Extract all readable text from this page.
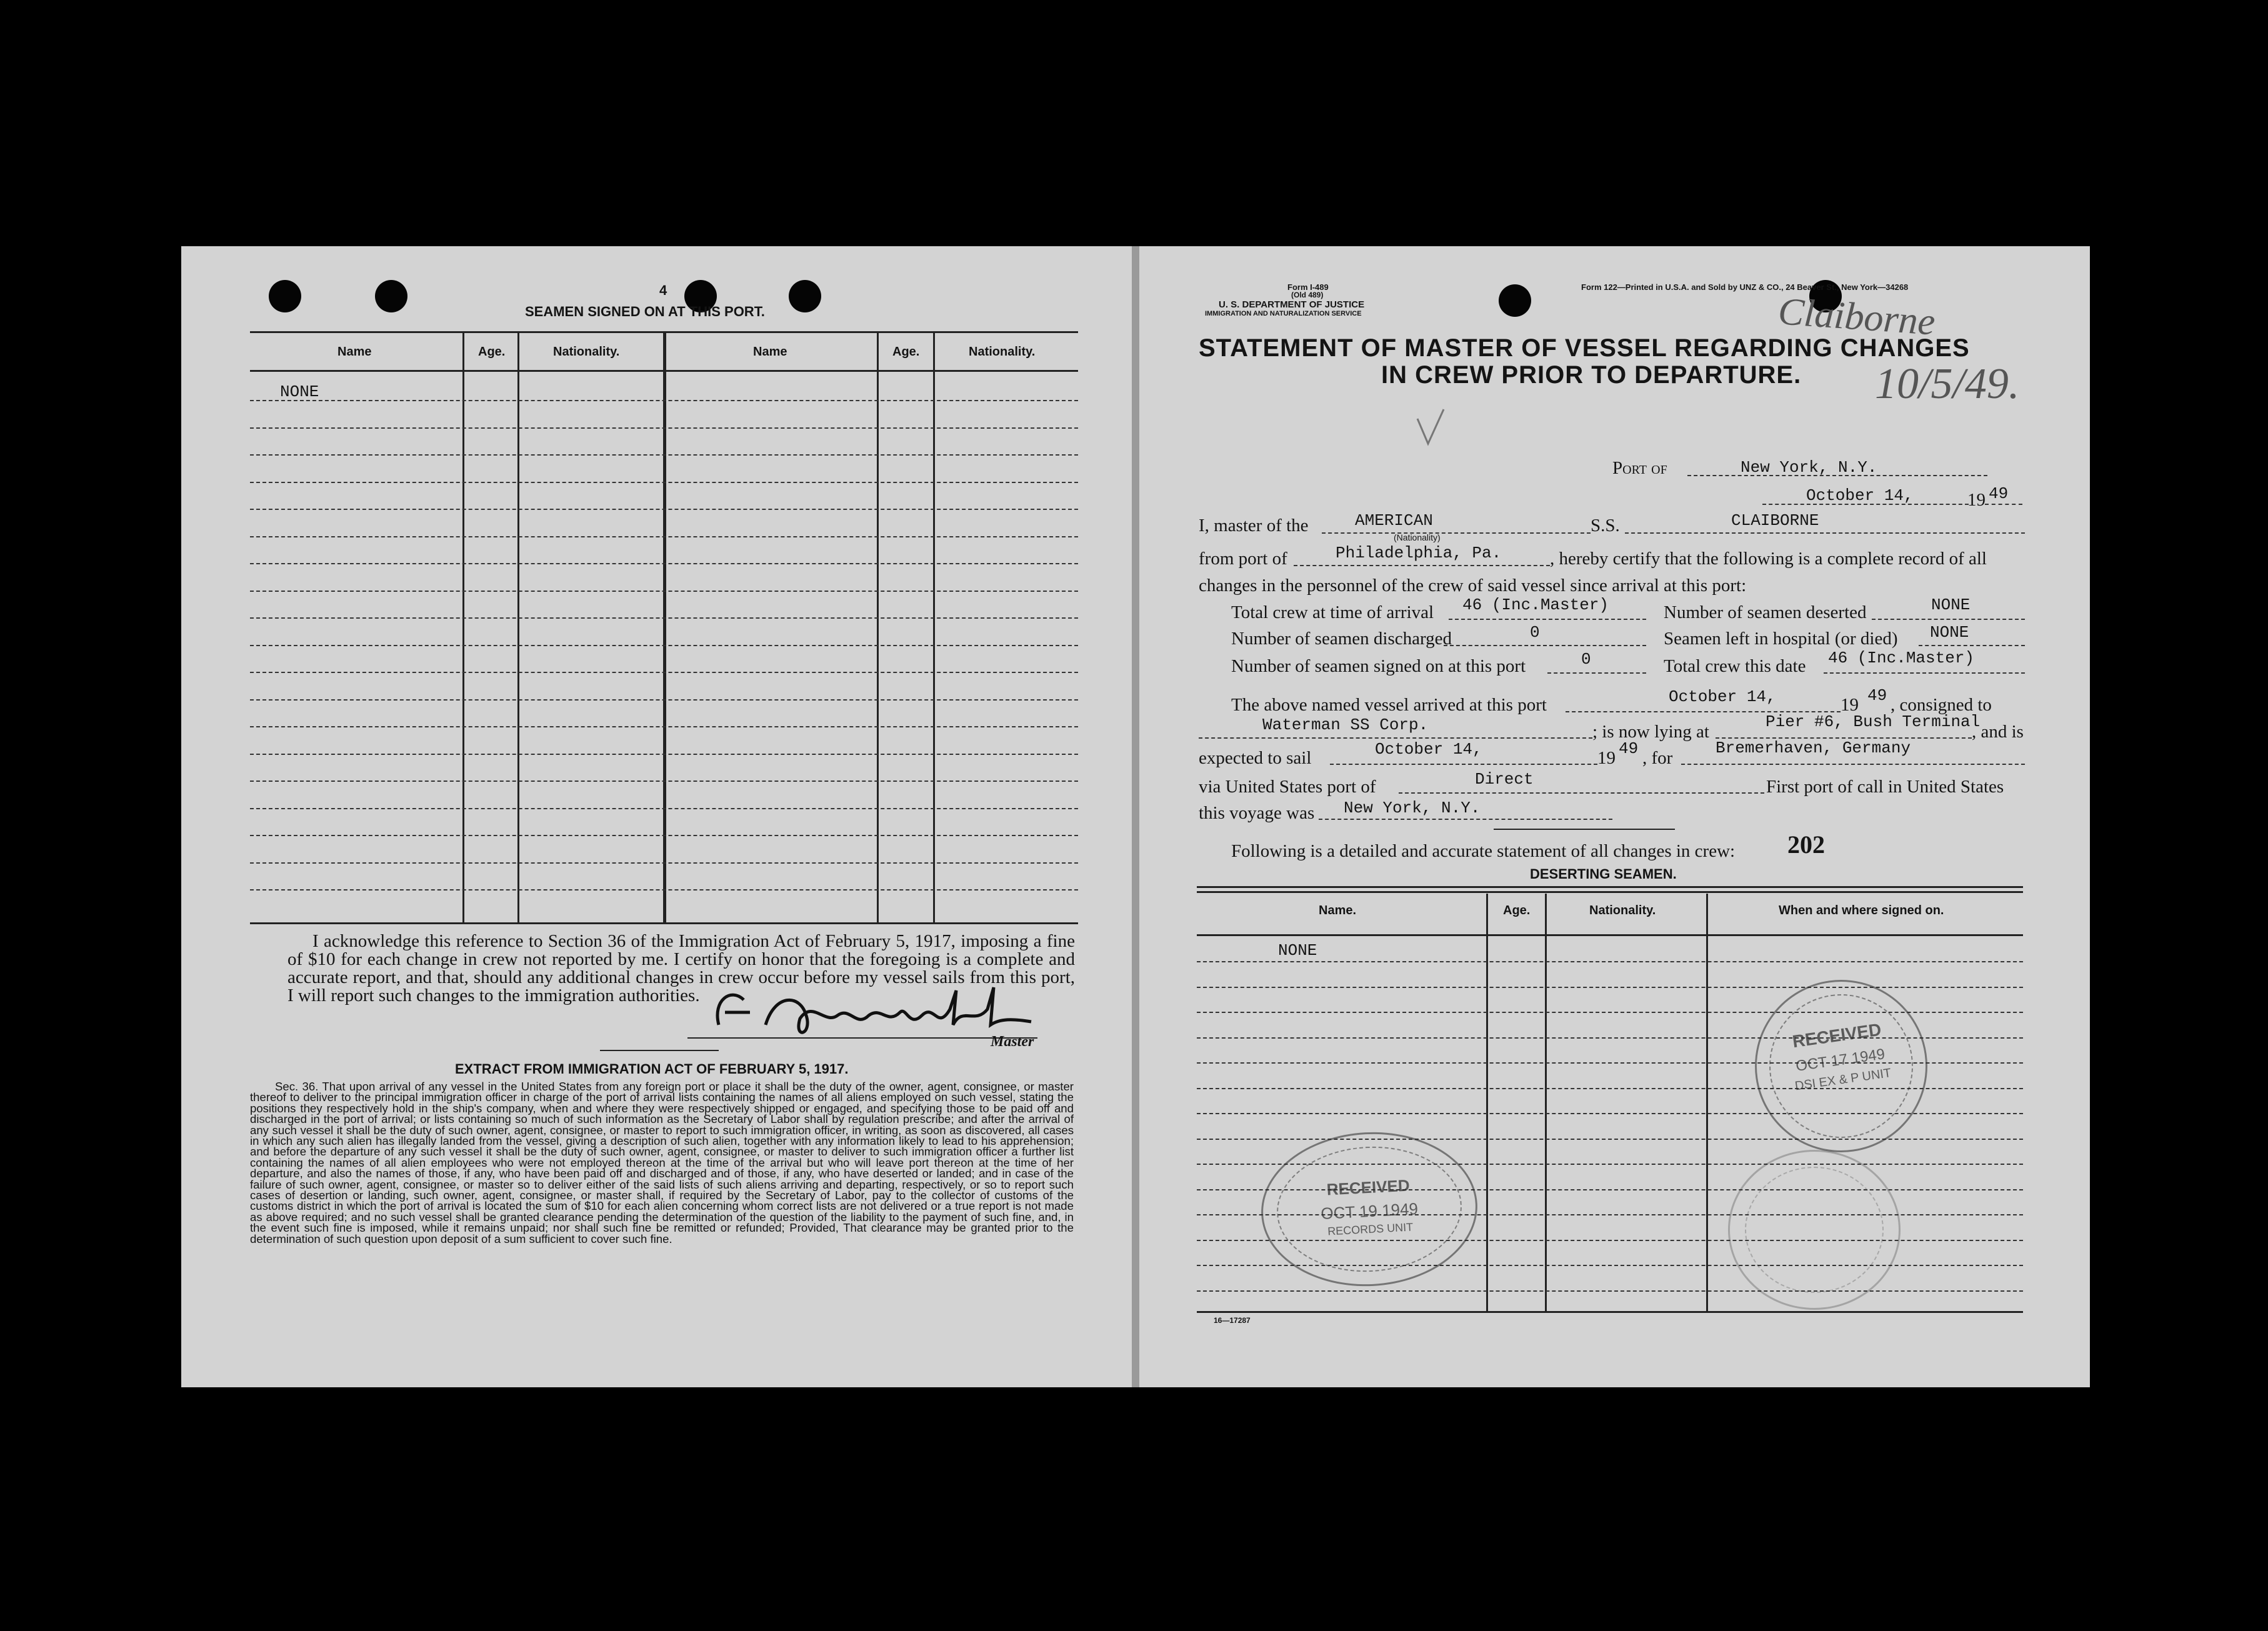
4
SEAMEN SIGNED ON AT THIS PORT.
Name	Age.	Nationality.	Name	Age.	Nationality.
NONE
I acknowledge this reference to Section 36 of the Immigration Act of February 5, 1917, imposing a fine of $10 for each change in crew not reported by me. I certify on honor that the foregoing is a complete and accurate report, and that, should any additional changes in crew occur before my vessel sails from this port, I will report such changes to the immigration authorities.
Master
EXTRACT FROM IMMIGRATION ACT OF FEBRUARY 5, 1917.
Sec. 36. That upon arrival of any vessel in the United States from any foreign port or place it shall be the duty of the owner, agent, consignee, or master thereof to deliver to the principal immigration officer in charge of the port of arrival lists containing the names of all aliens employed on such vessel, stating the positions they respectively hold in the ship's company, when and where they were respectively shipped or engaged, and specifying those to be paid off and discharged in the port of arrival; or lists containing so much of such information as the Secretary of Labor shall by regulation prescribe; and after the arrival of any such vessel it shall be the duty of such owner, agent, consignee, or master to report to such immigration officer, in writing, as soon as discovered, all cases in which any such alien has illegally landed from the vessel, giving a description of such alien, together with any information likely to lead to his apprehension; and before the departure of any such vessel it shall be the duty of such owner, agent, consignee, or master to deliver to such immigration officer a further list containing the names of all alien employees who were not employed thereon at the time of the arrival but who will leave port thereon at the time of her departure, and also the names of those, if any, who have been paid off and discharged and of those, if any, who have deserted or landed; and in case of the failure of such owner, agent, consignee, or master so to deliver either of the said lists of such aliens arriving and departing, respectively, or so to report such cases of desertion or landing, such owner, agent, consignee, or master shall, if required by the Secretary of Labor, pay to the collector of customs of the customs district in which the port of arrival is located the sum of $10 for each alien concerning whom correct lists are not delivered or a true report is not made as above required; and no such vessel shall be granted clearance pending the determination of the question of the liability to the payment of such fine, and, in the event such fine is imposed, while it remains unpaid; nor shall such fine be remitted or refunded; Provided, That clearance may be granted prior to the determination of such question upon deposit of a sum sufficient to cover such fine.
Form I-489
(Old 489)
U. S. DEPARTMENT OF JUSTICE
IMMIGRATION AND NATURALIZATION SERVICE
Form 122—Printed in U.S.A. and Sold by UNZ & CO., 24 Beaver St., New York—34268
STATEMENT OF MASTER OF VESSEL REGARDING CHANGES
IN CREW PRIOR TO DEPARTURE.
Claiborne
10/5/49.
Port of	New York, N.Y.
October 14,	19 49
I, master of the	AMERICAN
(Nationality)
S.S.	CLAIBORNE
from port of	Philadelphia, Pa.	, hereby certify that the following is a complete record of all
changes in the personnel of the crew of said vessel since arrival at this port:
Total crew at time of arrival 46 (Inc.Master)	Number of seamen deserted	NONE
Number of seamen discharged	0	Seamen left in hospital (or died) NONE
Number of seamen signed on at this port	0	Total crew this date 46 (Inc.Master)
The above named vessel arrived at this port	October 14,	19 49 , consigned to
Waterman SS Corp.	; is now lying at	Pier #6, Bush Terminal
, and is
expected to sail	October 14,	19 49 , for	Bremerhaven, Germany
via United States port of	Direct	First port of call in United States
this voyage was New York, N.Y.
Following is a detailed and accurate statement of all changes in crew: 202
DESERTING SEAMEN.
Name.	Age.	Nationality.	When and where signed on.
NONE
16—17287
RECEIVED
OCT 17 1949
DSI EX & P UNIT
RECEIVED
OCT 19 1949
RECORDS UNIT
